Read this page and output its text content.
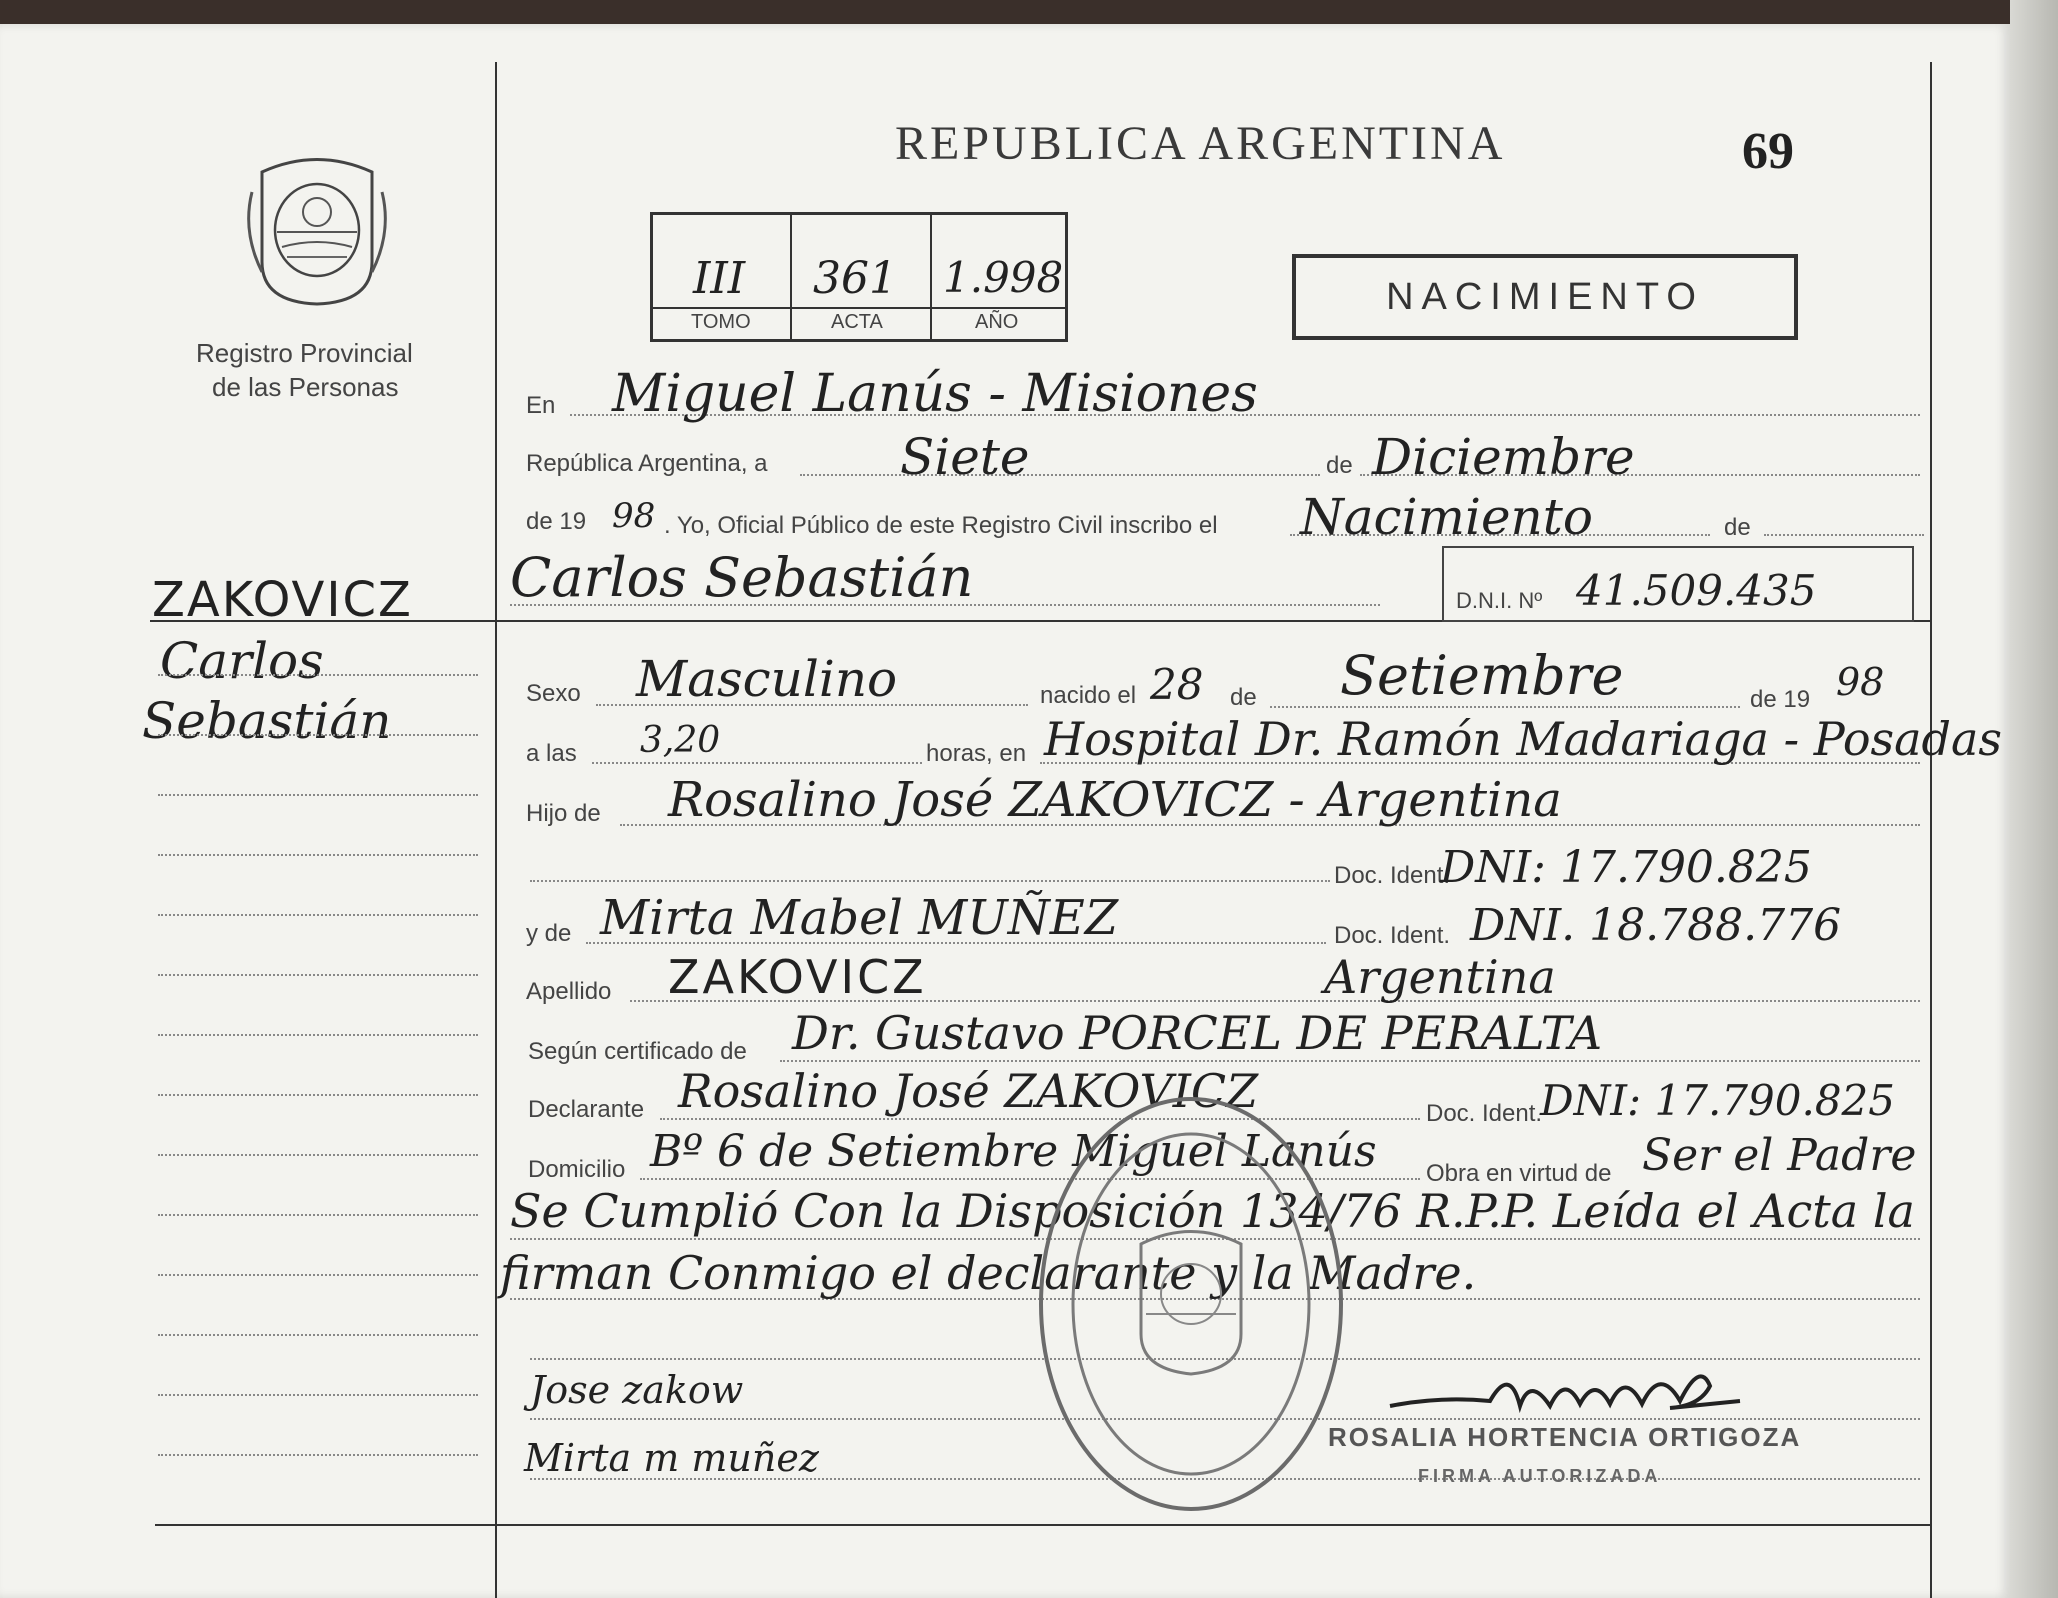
REPUBLICA ARGENTINA	69
NACIMIENTO
Registro Provincial
de las Personas
III 361 1.998
TOMO	ACTA	AÑO
ZAKOVICZ
Carlos
Sebastián
En Miguel Lanús - Misiones
República Argentina, a	Siete	de Diciembre
de 19 98 . Yo, Oficial Público de este Registro Civil inscribo el Nacimiento	de
Carlos Sebastián	D.N.I. Nº 41.509.435
Sexo Masculino	nacido el 28 de Setiembre	de 19 98
a las 3,20	horas, en Hospital Dr. Ramón Madariaga - Posadas
Hijo de Rosalino José ZAKOVICZ - Argentina
Doc. Ident.
DNI: 17.790.825
y de Mirta Mabel MUÑEZ	Doc. Ident. DNI. 18.788.776
Apellido ZAKOVICZ	Argentina
Según certificado de Dr. Gustavo PORCEL DE PERALTA
Declarante Rosalino José ZAKOVICZ	Doc. Ident.
DNI: 17.790.825
Domicilio Bº 6 de Setiembre Miguel Lanús Obra en virtud de Ser el Padre
Se Cumplió Con la Disposición 134/76 R.P.P. Leída el Acta la
firman Conmigo el declarante y la Madre.
Jose zakow
Mirta m muñez	ROSALIA HORTENCIA ORTIGOZA
FIRMA AUTORIZADA
